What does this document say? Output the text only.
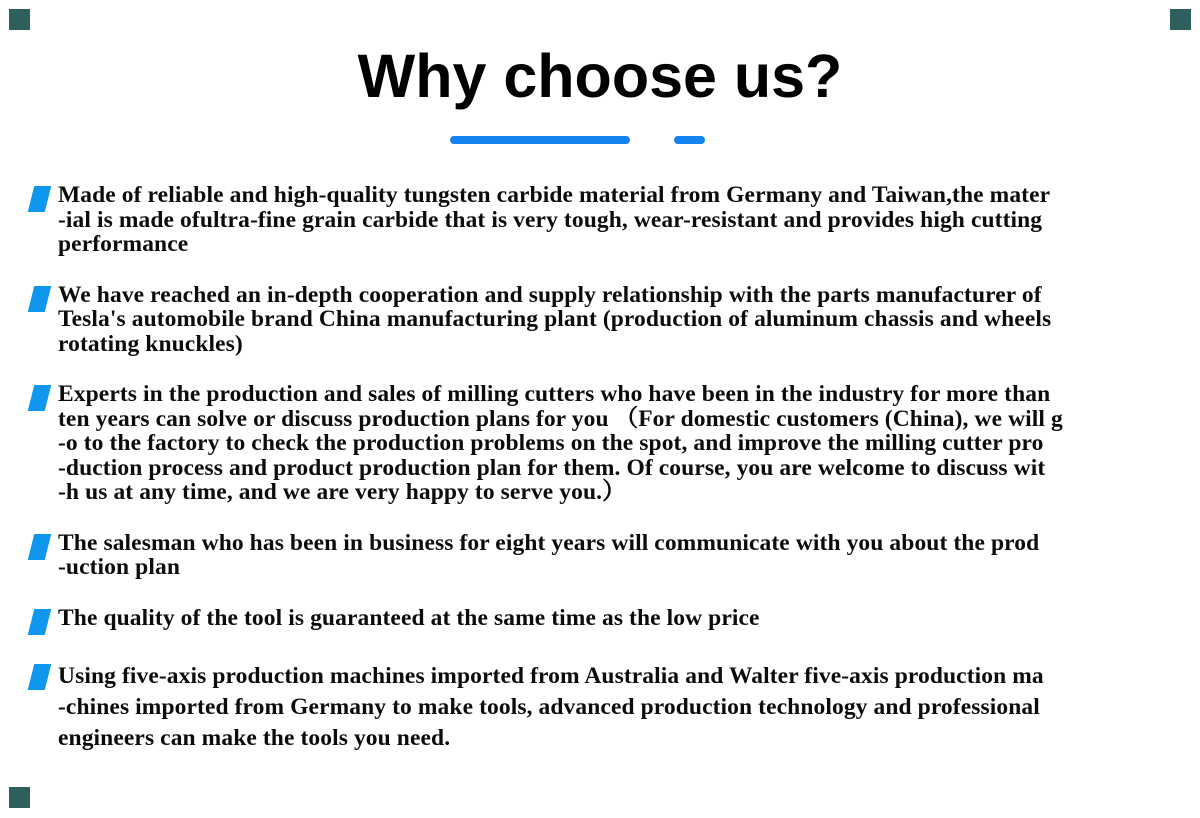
Why choose us?
Made of reliable and high-quality tungsten carbide material from Germany and Taiwan,the mater
-ial is made ofultra-fine grain carbide that is very tough, wear-resistant and provides high cutting
performance
We have reached an in-depth cooperation and supply relationship with the parts manufacturer of
Tesla's automobile brand China manufacturing plant (production of aluminum chassis and wheels
rotating knuckles)
Experts in the production and sales of milling cutters who have been in the industry for more than
ten years can solve or discuss production plans for you （For domestic customers (China), we will g
-o to the factory to check the production problems on the spot, and improve the milling cutter pro
-duction process and product production plan for them. Of course, you are welcome to discuss wit
-h us at any time, and we are very happy to serve you.）
The salesman who has been in business for eight years will communicate with you about the prod
-uction plan
The quality of the tool is guaranteed at the same time as the low price
Using five-axis production machines imported from Australia and Walter five-axis production ma
-chines imported from Germany to make tools, advanced production technology and professional
engineers can make the tools you need.
